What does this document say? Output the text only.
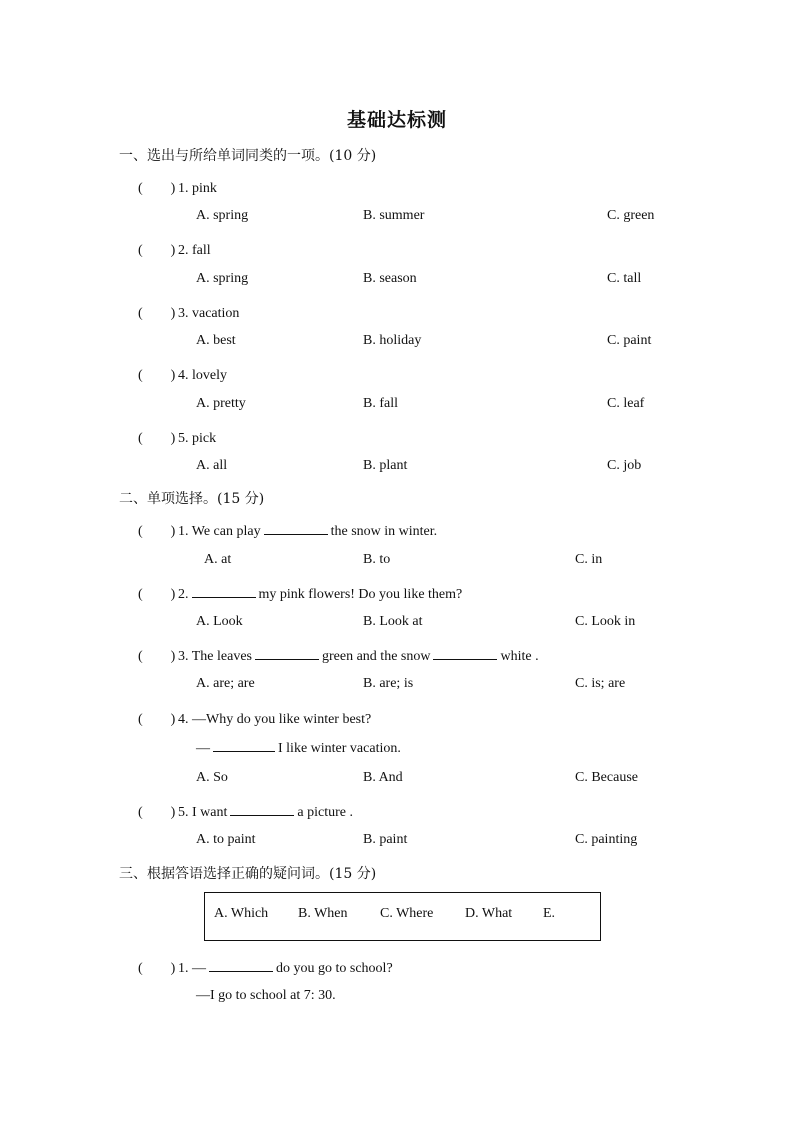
基础达标测
一、选出与所给单词同类的一项。(10 分)
(　　) 1. pink
A. spring	B. summer	C. green
(　　) 2. fall
A. spring	B. season	C. tall
(　　) 3. vacation
A. best	B. holiday	C. paint
(　　) 4. lovely
A. pretty	B. fall	C. leaf
(　　) 5. pick
A. all	B. plant	C. job
二、单项选择。(15 分)
(　　) 1. We can play	the snow in winter.
A. at	B. to	C. in
(　　) 2.	my pink flowers! Do you like them?
A. Look	B. Look at	C. Look in
(　　) 3. The leaves	green and the snow	white .
A. are; are	B. are; is	C. is; are
(　　) 4. —Why do you like winter best?
—	I like winter vacation.
A. So	B. And	C. Because
(　　) 5. I want	a picture .
A. to paint	B. paint	C. painting
三、根据答语选择正确的疑问词。(15 分)
A. Which B. When C. Where D. What E.
(　　) 1. —	do you go to school?
—I go to school at 7: 30.
